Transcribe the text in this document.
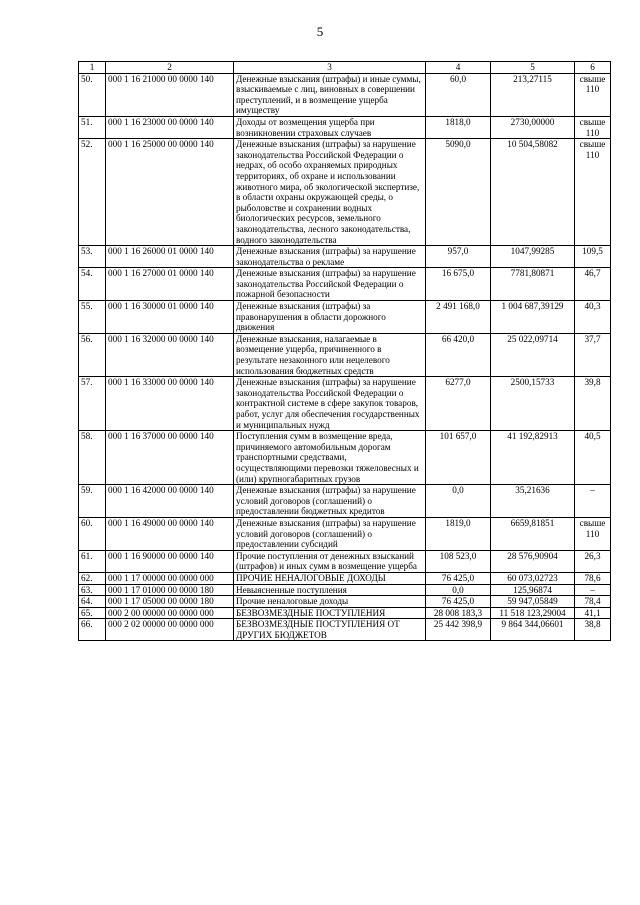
5
1	2	3	4	5	6
50.	000 1 16 21000 00 0000 140	Денежные взыскания (штрафы) и иные суммы, взыскиваемые с лиц, виновных в совершении преступлений, и в возмещение ущерба имуществу	60,0	213,27115	свыше 110
51.	000 1 16 23000 00 0000 140	Доходы от возмещения ущерба при возникновении страховых случаев	1818,0	2730,00000	свыше 110
52.	000 1 16 25000 00 0000 140	Денежные взыскания (штрафы) за нарушение законодательства Российской Федерации о недрах, об особо охраняемых природных территориях, об охране и использовании животного мира, об экологической экспертизе, в области охраны окружающей среды, о рыболовстве и сохранении водных биологических ресурсов, земельного законодательства, лесного законодательства, водного законодательства	5090,0	10 504,58082	свыше 110
53.	000 1 16 26000 01 0000 140	Денежные взыскания (штрафы) за нарушение законодательства о рекламе	957,0	1047,99285	109,5
54.	000 1 16 27000 01 0000 140	Денежные взыскания (штрафы) за нарушение законодательства Российской Федерации о пожарной безопасности	16 675,0	7781,80871	46,7
55.	000 1 16 30000 01 0000 140	Денежные взыскания (штрафы) за правонарушения в области дорожного движения	2 491 168,0	1 004 687,39129	40,3
56.	000 1 16 32000 00 0000 140	Денежные взыскания, налагаемые в возмещение ущерба, причиненного в результате незаконного или нецелевого использования бюджетных средств	66 420,0	25 022,09714	37,7
57.	000 1 16 33000 00 0000 140	Денежные взыскания (штрафы) за нарушение законодательства Российской Федерации о контрактной системе в сфере закупок товаров, работ, услуг для обеспечения государственных и муниципальных нужд	6277,0	2500,15733	39,8
58.	000 1 16 37000 00 0000 140	Поступления сумм в возмещение вреда, причиняемого автомобильным дорогам транспортными средствами, осуществляющими перевозки тяжеловесных и (или) крупногабаритных грузов	101 657,0	41 192,82913	40,5
59.	000 1 16 42000 00 0000 140	Денежные взыскания (штрафы) за нарушение условий договоров (соглашений) о предоставлении бюджетных кредитов	0,0	35,21636	–
60.	000 1 16 49000 00 0000 140	Денежные взыскания (штрафы) за нарушение условий договоров (соглашений) о предоставлении субсидий	1819,0	6659,81851	свыше 110
61.	000 1 16 90000 00 0000 140	Прочие поступления от денежных взысканий (штрафов) и иных сумм в возмещение ущерба	108 523,0	28 576,90904	26,3
62.	000 1 17 00000 00 0000 000	ПРОЧИЕ НЕНАЛОГОВЫЕ ДОХОДЫ	76 425,0	60 073,02723	78,6
63.	000 1 17 01000 00 0000 180	Невыясненные поступления	0,0	125,96874	–
64.	000 1 17 05000 00 0000 180	Прочие неналоговые доходы	76 425,0	59 947,05849	78,4
65.	000 2 00 00000 00 0000 000	БЕЗВОЗМЕЗДНЫЕ ПОСТУПЛЕНИЯ	28 008 183,3	11 518 123,29004	41,1
66.	000 2 02 00000 00 0000 000	БЕЗВОЗМЕЗДНЫЕ ПОСТУПЛЕНИЯ ОТ ДРУГИХ БЮДЖЕТОВ	25 442 398,9	9 864 344,06601	38,8
